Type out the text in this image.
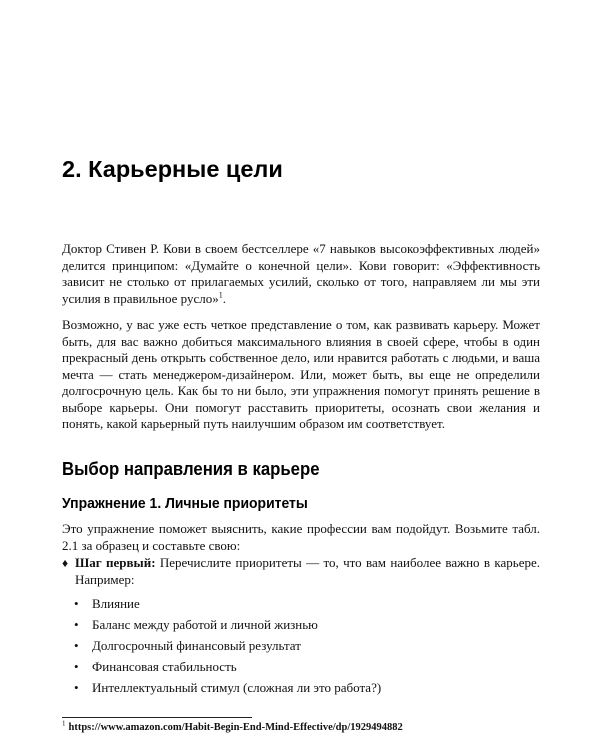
2. Карьерные цели

Доктор Стивен Р. Кови в своем бестселлере «7 навыков высокоэффективных людей» делится принципом: «Думайте о конечной цели». Кови говорит: «Эффективность зависит не столько от прилагаемых усилий, сколько от того, направляем ли мы эти усилия в правильное русло»$^1$.

Возможно, у вас уже есть четкое представление о том, как развивать карьеру. Может быть, для вас важно добиться максимального влияния в своей сфере, чтобы в один прекрасный день открыть собственное дело, или нравится работать с людьми, и ваша мечта — стать менеджером-дизайнером. Или, может быть, вы еще не определили долгосрочную цель. Как бы то ни было, эти упражнения помогут принять решение в выборе карьеры. Они помогут расставить приоритеты, осознать свои желания и понять, какой карьерный путь наилучшим образом им соответствует.

Выбор направления в карьере
Упражнение 1. Личные приоритеты

Это упражнение поможет выяснить, какие профессии вам подойдут. Возьмите табл. 2.1 за образец и составьте свою:

♦ Шаг первый: Перечислите приоритеты — то, что вам наиболее важно в карьере. Например:
• Влияние
• Баланс между работой и личной жизнью
• Долгосрочный финансовый результат
• Финансовая стабильность
• Интеллектуальный стимул (сложная ли это работа?)
$^1$ https://www.amazon.com/Habit-Begin-End-Mind-Effective/dp/1929494882
